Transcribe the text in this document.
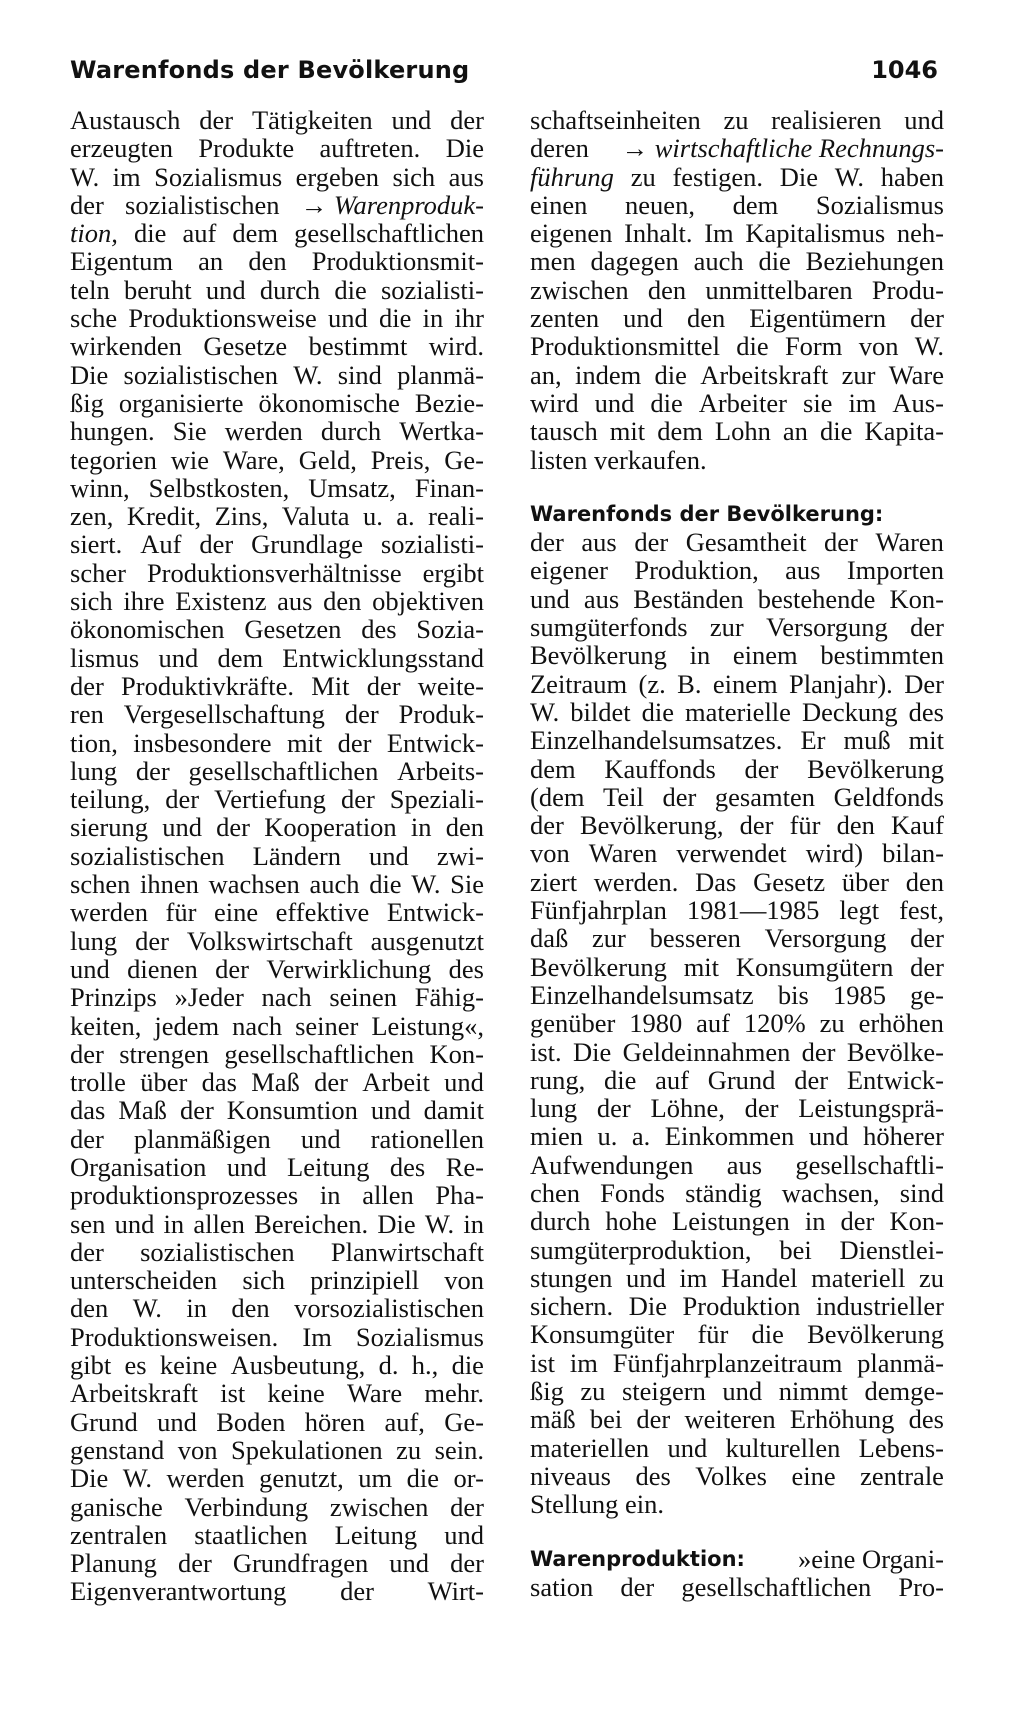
Warenfonds der Bevölkerung	1046
Austausch der Tätigkeiten und der
erzeugten Produkte auftreten. Die
W. im Sozialismus ergeben sich aus
der sozialistischen → Warenproduk-
tion, die auf dem gesellschaftlichen
Eigentum an den Produktionsmit-
teln beruht und durch die sozialisti-
sche Produktionsweise und die in ihr
wirkenden Gesetze bestimmt wird.
Die sozialistischen W. sind planmä-
ßig organisierte ökonomische Bezie-
hungen. Sie werden durch Wertka-
tegorien wie Ware, Geld, Preis, Ge-
winn, Selbstkosten, Umsatz, Finan-
zen, Kredit, Zins, Valuta u. a. reali-
siert. Auf der Grundlage sozialisti-
scher Produktionsverhältnisse ergibt
sich ihre Existenz aus den objektiven
ökonomischen Gesetzen des Sozia-
lismus und dem Entwicklungsstand
der Produktivkräfte. Mit der weite-
ren Vergesellschaftung der Produk-
tion, insbesondere mit der Entwick-
lung der gesellschaftlichen Arbeits-
teilung, der Vertiefung der Speziali-
sierung und der Kooperation in den
sozialistischen Ländern und zwi-
schen ihnen wachsen auch die W. Sie
werden für eine effektive Entwick-
lung der Volkswirtschaft ausgenutzt
und dienen der Verwirklichung des
Prinzips »Jeder nach seinen Fähig-
keiten, jedem nach seiner Leistung«,
der strengen gesellschaftlichen Kon-
trolle über das Maß der Arbeit und
das Maß der Konsumtion und damit
der planmäßigen und rationellen
Organisation und Leitung des Re-
produktionsprozesses in allen Pha-
sen und in allen Bereichen. Die W. in
der sozialistischen Planwirtschaft
unterscheiden sich prinzipiell von
den W. in den vorsozialistischen
Produktionsweisen. Im Sozialismus
gibt es keine Ausbeutung, d. h., die
Arbeitskraft ist keine Ware mehr.
Grund und Boden hören auf, Ge-
genstand von Spekulationen zu sein.
Die W. werden genutzt, um die or-
ganische Verbindung zwischen der
zentralen staatlichen Leitung und
Planung der Grundfragen und der
Eigenverantwortung der Wirt-
schaftseinheiten zu realisieren und
deren → wirtschaftliche Rechnungs-
führung zu festigen. Die W. haben
einen neuen, dem Sozialismus
eigenen Inhalt. Im Kapitalismus neh-
men dagegen auch die Beziehungen
zwischen den unmittelbaren Produ-
zenten und den Eigentümern der
Produktionsmittel die Form von W.
an, indem die Arbeitskraft zur Ware
wird und die Arbeiter sie im Aus-
tausch mit dem Lohn an die Kapita-
listen verkaufen.
Warenfonds der Bevölkerung:
der aus der Gesamtheit der Waren
eigener Produktion, aus Importen
und aus Beständen bestehende Kon-
sumgüterfonds zur Versorgung der
Bevölkerung in einem bestimmten
Zeitraum (z. B. einem Planjahr). Der
W. bildet die materielle Deckung des
Einzelhandelsumsatzes. Er muß mit
dem Kauffonds der Bevölkerung
(dem Teil der gesamten Geldfonds
der Bevölkerung, der für den Kauf
von Waren verwendet wird) bilan-
ziert werden. Das Gesetz über den
Fünfjahrplan 1981—1985 legt fest,
daß zur besseren Versorgung der
Bevölkerung mit Konsumgütern der
Einzelhandelsumsatz bis 1985 ge-
genüber 1980 auf 120% zu erhöhen
ist. Die Geldeinnahmen der Bevölke-
rung, die auf Grund der Entwick-
lung der Löhne, der Leistungsprä-
mien u. a. Einkommen und höherer
Aufwendungen aus gesellschaftli-
chen Fonds ständig wachsen, sind
durch hohe Leistungen in der Kon-
sumgüterproduktion, bei Dienstlei-
stungen und im Handel materiell zu
sichern. Die Produktion industrieller
Konsumgüter für die Bevölkerung
ist im Fünfjahrplanzeitraum planmä-
ßig zu steigern und nimmt demge-
mäß bei der weiteren Erhöhung des
materiellen und kulturellen Lebens-
niveaus des Volkes eine zentrale
Stellung ein.
Warenproduktion: »eine Organi-
sation der gesellschaftlichen Pro-
